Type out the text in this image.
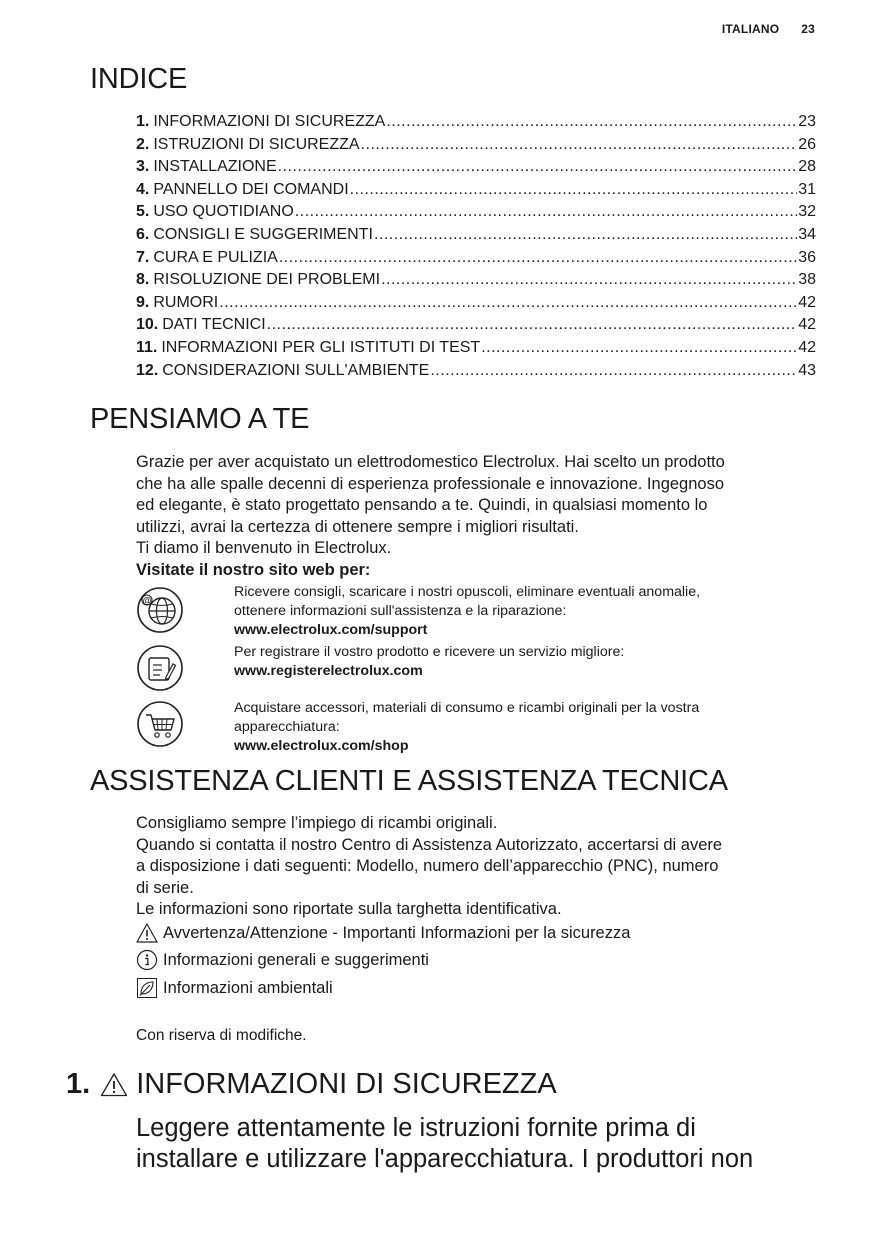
ITALIANO 23
INDICE
1. INFORMAZIONI DI SICUREZZA .....	23
2. ISTRUZIONI DI SICUREZZA .....	26
3. INSTALLAZIONE .....	28
4. PANNELLO DEI COMANDI .....	31
5. USO QUOTIDIANO .....	32
6. CONSIGLI E SUGGERIMENTI .....	34
7. CURA E PULIZIA .....	36
8. RISOLUZIONE DEI PROBLEMI .....	38
9. RUMORI .....	42
10. DATI TECNICI .....	42
11. INFORMAZIONI PER GLI ISTITUTI DI TEST .....	42
12. CONSIDERAZIONI SULL'AMBIENTE .....	43
PENSIAMO A TE

Grazie per aver acquistato un elettrodomestico Electrolux. Hai scelto un prodotto

che ha alle spalle decenni di esperienza professionale e innovazione. Ingegnoso

ed elegante, è stato progettato pensando a te. Quindi, in qualsiasi momento lo

utilizzi, avrai la certezza di ottenere sempre i migliori risultati.

Ti diamo il benvenuto in Electrolux.

Visitate il nostro sito web per:

@
Ricevere consigli, scaricare i nostri opuscoli, eliminare eventuali anomalie,
ottenere informazioni sull'assistenza e la riparazione:
www.electrolux.com/support
Per registrare il vostro prodotto e ricevere un servizio migliore:
www.registerelectrolux.com
Acquistare accessori, materiali di consumo e ricambi originali per la vostra
apparecchiatura:
www.electrolux.com/shop
ASSISTENZA CLIENTI E ASSISTENZA TECNICA

Consigliamo sempre l’impiego di ricambi originali.

Quando si contatta il nostro Centro di Assistenza Autorizzato, accertarsi di avere

a disposizione i dati seguenti: Modello, numero dell’apparecchio (PNC), numero

di serie.

Le informazioni sono riportate sulla targhetta identificativa.

Avvertenza/Attenzione - Importanti Informazioni per la sicurezza
Informazioni generali e suggerimenti
Informazioni ambientali

Con riserva di modifiche.

1. INFORMAZIONI DI SICUREZZA
Leggere attentamente le istruzioni fornite prima di
installare e utilizzare l'apparecchiatura. I produttori non
